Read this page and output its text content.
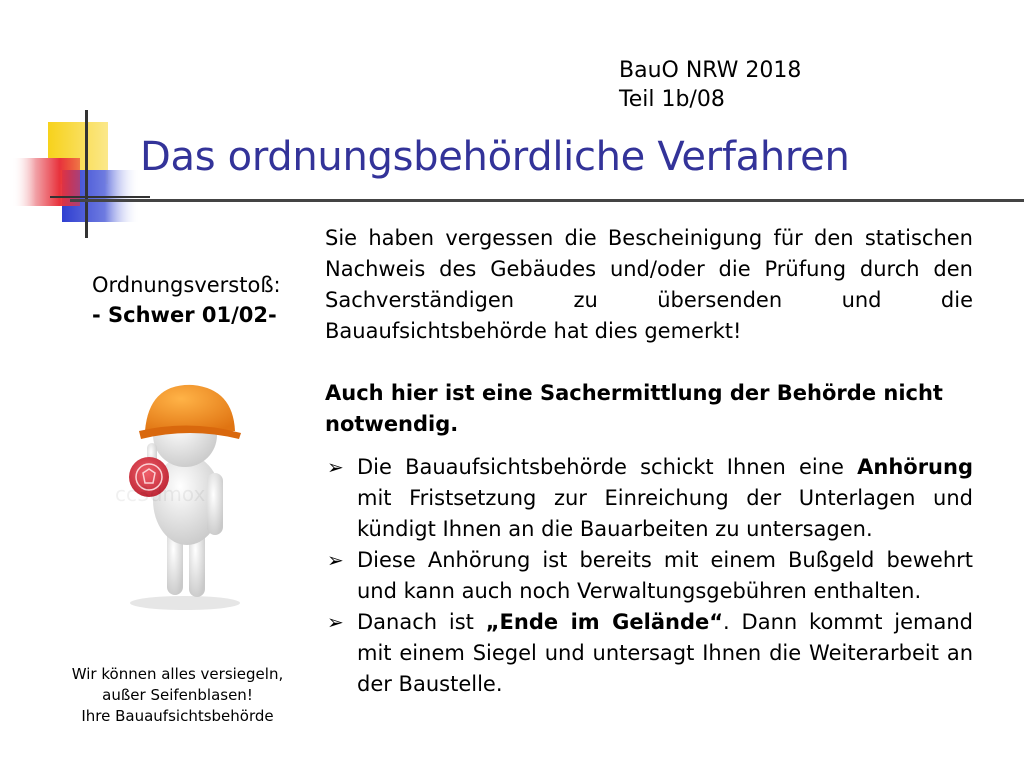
BauO NRW 2018
Teil 1b/08
Das ordnungsbehördliche Verfahren
Ordnungsverstoß:
- Schwer 01/02-
cc3dmox
Wir können alles versiegeln,
außer Seifenblasen!
Ihre Bauaufsichtsbehörde

Sie haben vergessen die Bescheinigung für den statischen Nachweis des Gebäudes und/oder die Prüfung durch den Sachverständigen zu übersenden und die Bauaufsichtsbehörde hat dies gemerkt!

Auch hier ist eine Sachermittlung der Behörde nicht notwendig.

➢ Die Bauaufsichtsbehörde schickt Ihnen eine Anhörung mit Fristsetzung zur Einreichung der Unterlagen und kündigt Ihnen an die Bauarbeiten zu untersagen.
➢ Diese Anhörung ist bereits mit einem Bußgeld bewehrt und kann auch noch Verwaltungsgebühren enthalten.
➢ Danach ist „Ende im Gelände“. Dann kommt jemand mit einem Siegel und untersagt Ihnen die Weiterarbeit an der Baustelle.
